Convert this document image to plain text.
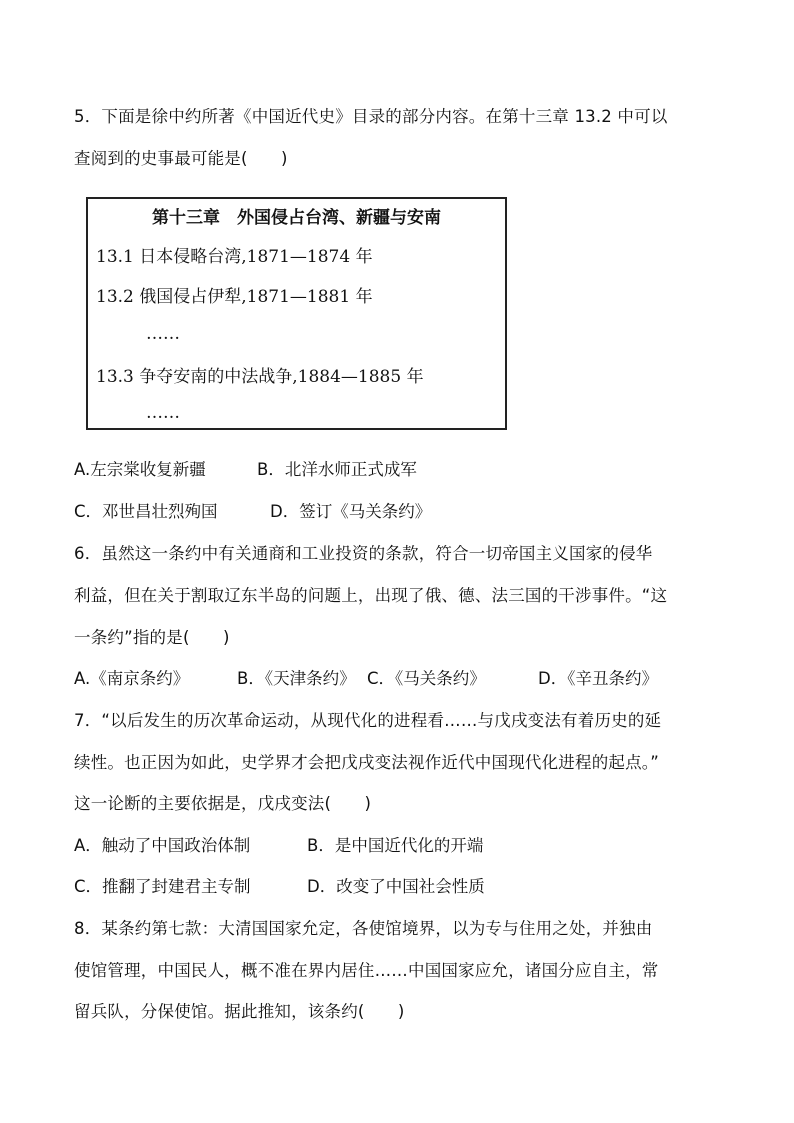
5．下面是徐中约所著《中国近代史》目录的部分内容。在第十三章 13.2 中可以
查阅到的史事最可能是(　　)
第十三章　外国侵占台湾、新疆与安南
13.1 日本侵略台湾,1871—1874 年
13.2 俄国侵占伊犁,1871—1881 年
……
13.3 争夺安南的中法战争,1884—1885 年
……
A.左宗棠收复新疆	B．北洋水师正式成军
C．邓世昌壮烈殉国	D．签订《马关条约》
6．虽然这一条约中有关通商和工业投资的条款，符合一切帝国主义国家的侵华
利益，但在关于割取辽东半岛的问题上，出现了俄、德、法三国的干涉事件。“这
一条约”指的是(　　)
A.《南京条约》	B．《天津条约》 C．《马关条约》	D．《辛丑条约》
7．“以后发生的历次革命运动，从现代化的进程看……与戊戌变法有着历史的延
续性。也正因为如此，史学界才会把戊戌变法视作近代中国现代化进程的起点。”
这一论断的主要依据是，戊戌变法(　　)
A．触动了中国政治体制	B．是中国近代化的开端
C．推翻了封建君主专制	D．改变了中国社会性质
8．某条约第七款：大清国国家允定，各使馆境界，以为专与住用之处，并独由
使馆管理，中国民人，概不准在界内居住……中国国家应允，诸国分应自主，常
留兵队，分保使馆。据此推知，该条约(　　)
